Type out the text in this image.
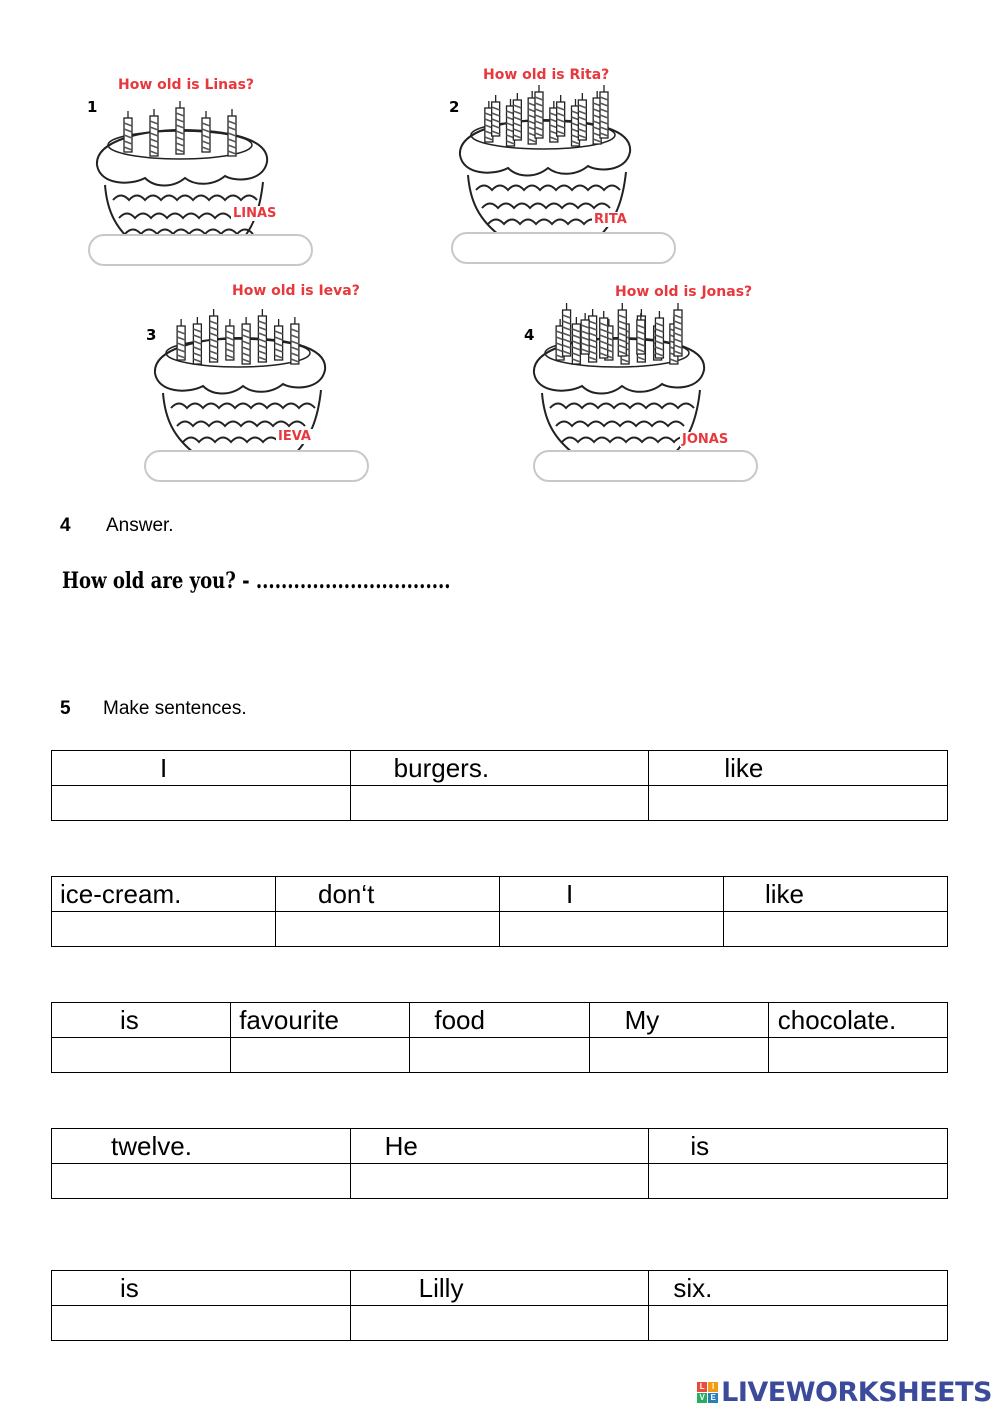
How old is Linas?
1
LINAS
How old is Rita?
2
RITA
How old is Ieva?
3
IEVA
How old is Jonas?
4
JONAS
4 Answer.
How old are you? - ...............................
5 Make sentences.
I	burgers.	like

ice-cream.	don‘t	I	like

is	favourite	food	My	chocolate.

twelve.	He	is

is	Lilly	six.

L I
V E LIVEWORKSHEETS
